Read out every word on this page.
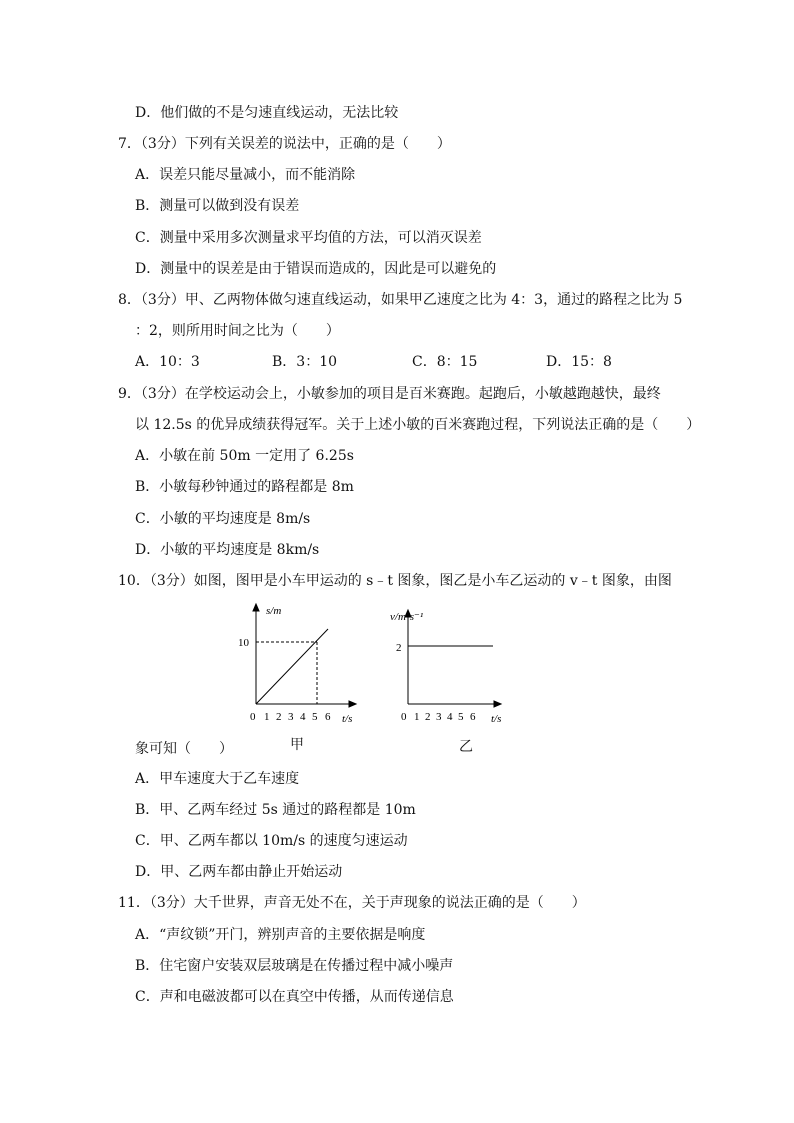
D．他们做的不是匀速直线运动，无法比较
7．（3分）下列有关误差的说法中，正确的是（　　）
A．误差只能尽量减小，而不能消除
B．测量可以做到没有误差
C．测量中采用多次测量求平均值的方法，可以消灭误差
D．测量中的误差是由于错误而造成的，因此是可以避免的
8．（3分）甲、乙两物体做匀速直线运动，如果甲乙速度之比为 4：3，通过的路程之比为 5
：2，则所用时间之比为（　　）
A．10：3	B．3：10	C．8：15	D．15：8
9．（3分）在学校运动会上，小敏参加的项目是百米赛跑。起跑后，小敏越跑越快，最终
以 12.5s 的优异成绩获得冠军。关于上述小敏的百米赛跑过程，下列说法正确的是（　　）
A．小敏在前 50m 一定用了 6.25s
B．小敏每秒钟通过的路程都是 8m
C．小敏的平均速度是 8m/s
D．小敏的平均速度是 8km/s
10．（3分）如图，图甲是小车甲运动的 s﹣t 图象，图乙是小车乙运动的 v﹣t 图象，由图
s/m
10
0 1 2 3 4 5 6 t/s
v/m•s⁻¹
2
0 1 2 3 4 5 6 t/s
甲	乙
象可知（　　）
A．甲车速度大于乙车速度
B．甲、乙两车经过 5s 通过的路程都是 10m
C．甲、乙两车都以 10m/s 的速度匀速运动
D．甲、乙两车都由静止开始运动
11．（3分）大千世界，声音无处不在，关于声现象的说法正确的是（　　）
A．“声纹锁”开门，辨别声音的主要依据是响度
B．住宅窗户安装双层玻璃是在传播过程中减小噪声
C．声和电磁波都可以在真空中传播，从而传递信息
